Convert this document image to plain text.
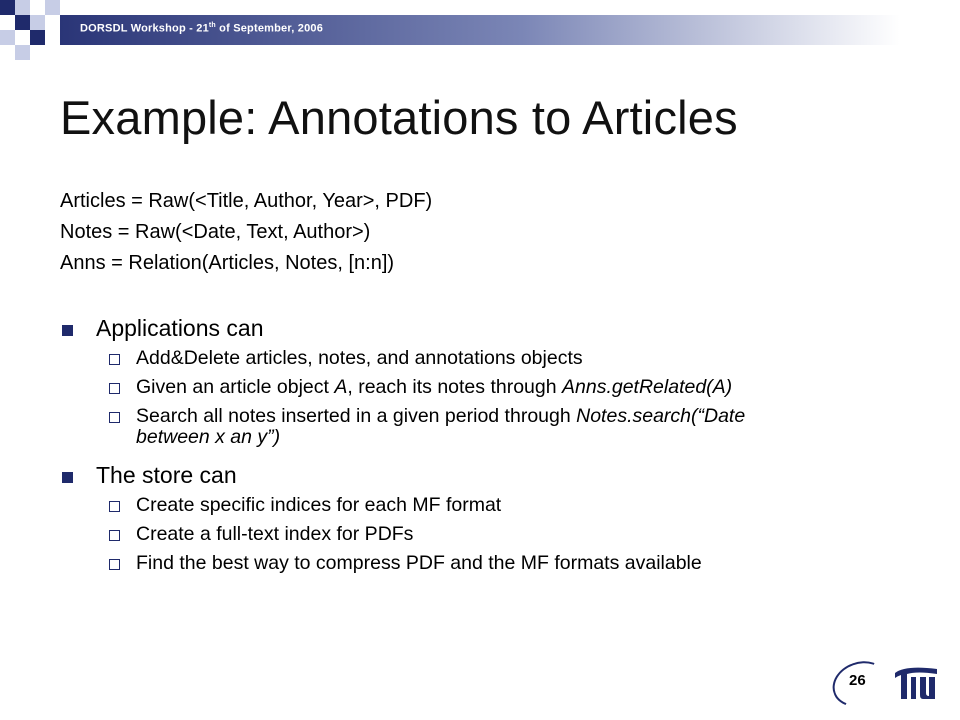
DORSDL Workshop - 21th of September, 2006
Example: Annotations to Articles
Articles = Raw(<Title, Author, Year>, PDF)
Notes = Raw(<Date, Text, Author>)
Anns = Relation(Articles, Notes, [n:n])
Applications can
Add&Delete articles, notes, and annotations objects
Given an article object A, reach its notes through Anns.getRelated(A)
Search all notes inserted in a given period through Notes.search(“Date between x an y”)
The store can
Create specific indices for each MF format
Create a full-text index for PDFs
Find the best way to compress PDF and the MF formats available
26
